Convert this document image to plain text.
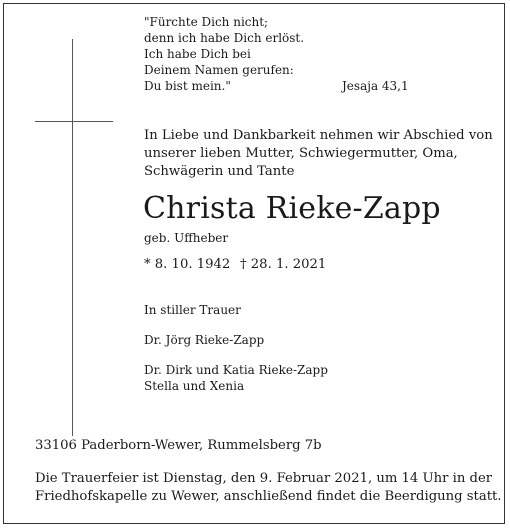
"Fürchte Dich nicht;
denn ich habe Dich erlöst.
Ich habe Dich bei
Deinem Namen gerufen:
Du bist mein."	Jesaja 43,1
In Liebe und Dankbarkeit nehmen wir Abschied von
unserer lieben Mutter, Schwiegermutter, Oma,
Schwägerin und Tante
Christa Rieke-Zapp
geb. Uffheber
* 8. 10. 1942 † 28. 1. 2021
In stiller Trauer
Dr. Jörg Rieke-Zapp
Dr. Dirk und Katia Rieke-Zapp
Stella und Xenia
33106 Paderborn-Wewer, Rummelsberg 7b
Die Trauerfeier ist Dienstag, den 9. Februar 2021, um 14 Uhr in der
Friedhofskapelle zu Wewer, anschließend findet die Beerdigung statt.
